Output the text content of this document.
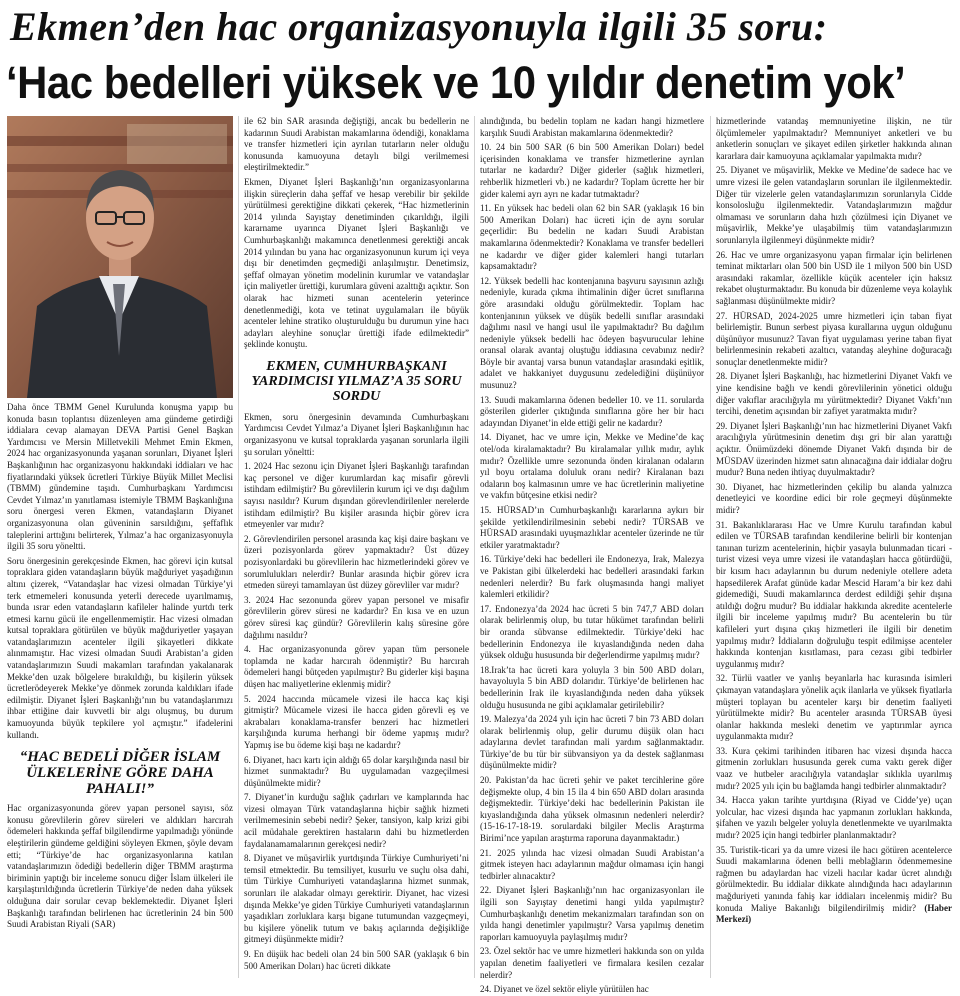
Ekmen’den hac organizasyonuyla ilgili 35 soru:
‘Hac bedelleri yüksek ve 10 yıldır denetim yok’

Daha önce TBMM Genel Kurulunda konuşma yapıp bu konuda basın toplantısı düzenleyen ama gündeme getirdiği iddialara cevap alamayan DEVA Partisi Genel Başkan Yardımcısı ve Mersin Milletvekili Mehmet Emin Ekmen, 2024 hac organizasyonunda yaşanan sorunları, Diyanet İşleri Başkanlığının hac organizasyonu hakkındaki iddiaları ve hac fiyatlarındaki yüksek ücretleri Türkiye Büyük Millet Meclisi (TBMM) gündemine taşıdı. Cumhurbaşkanı Yardımcısı Cevdet Yılmaz’ın yanıtlaması istemiyle TBMM Başkanlığına soru önergesi veren Ekmen, vatandaşların Diyanet organizasyonuna olan güveninin sarsıldığını, şeffaflık taleplerini arttığını belirterek, Yılmaz’a hac organizasyonuyla ilgili 35 soru yöneltti.

Soru önergesinin gerekçesinde Ekmen, hac görevi için kutsal topraklara giden vatandaşların büyük mağduriyet yaşadığının altını çizerek, “Vatandaşlar hac vizesi olmadan Türkiye’yi terk etmemeleri konusunda yeterli derecede uyarılmamış, bunda ısrar eden vatandaşların kafileler halinde yurtdı terk etmesi karnu gücü ile engellenmemiştir. Hac vizesi olmadan kutsal topraklara götürülen ve büyük mağduriyetler yaşayan vatandaşlarımızın acenteler ilgili şikayetleri dikkate alınmamıştır. Hac vizesi olmadan Suudi Arabistan’a giden vatandaşlarımızın Suudi makamları tarafından yakalanarak Mekke’den uzak bölgelere bırakıldığı, bu kişilerin yüksek ücretlerödeyerek Mekke’ye dönmek zorunda kaldıkları ifade edilmiştir. Diyanet İşleri Başkanlığı’nın bu vatandaşlarımızı ihbar ettiğine dair kuvvetli bir algı oluşmuş, bu durum kamuoyunda büyük tepkilere yol açmıştır.” ifadelerini kullandı.

“HAC BEDELİ DİĞER İSLAM ÜLKELERİNE GÖRE DAHA PAHALI!”

Hac organizasyonunda görev yapan personel sayısı, söz konusu görevlilerin görev süreleri ve aldıkları harcırah ödemeleri hakkında şeffaf bilgilendirme yapılmadığı yönünde eleştirilerin gündeme geldiğini söyleyen Ekmen, şöyle devam etti; “Türkiye’de hac organizasyonlarına katılan vatandaşlarımızın ödediği bedellerin diğer TBMM araştırma biriminin yaptığı bir inceleme sonucu diğer İslam ülkeleri ile karşılaştırıldığında ücretlerin Türkiye’de neden daha yüksek olduğuna dair sorular cevap beklemektedir. Diyanet İşleri Başkanlığı tarafından belirlenen hac ücretlerinin 24 bin 500 Suudi Arabistan Riyali (SAR)

ile 62 bin SAR arasında değiştiği, ancak bu bedellerin ne kadarının Suudi Arabistan makamlarına ödendiği, konaklama ve transfer hizmetleri için ayrılan tutarların neler olduğu konusunda kamuoyuna detaylı bilgi verilmemesi eleştirilmektedir.”

Ekmen, Diyanet İşleri Başkanlığı’nın organizasyonlarına ilişkin süreçlerin daha şeffaf ve hesap verebilir bir şekilde yürütülmesi gerektiğine dikkati çekerek, “Hac hizmetlerinin 2014 yılında Sayıştay denetiminden çıkarıldığı, ilgili kararname uyarınca Diyanet İşleri Başkanlığı ve Cumhurbaşkanlığı makamınca denetlenmesi gerektiği ancak 2014 yılından bu yana hac organizasyonunun kurum içi veya dışı bir denetimden geçmediği anlaşılmıştır. Denetimsiz, şeffaf olmayan yönetim modelinin kurumlar ve vatandaşlar için maliyetler ürettiği, kurumlara güveni azalttığı açıktır. Son olarak hac hizmeti sunan acentelerin yeterince denetlenmediği, kota ve tetinat uygulamaları ile büyük acenteler lehine stratiko oluşturulduğu bu durumun yine hacı adayları aleyhine sonuçlar ürettiği ifade edilmektedir” şeklinde konuştu.

EKMEN, CUMHURBAŞKANI YARDIMCISI YILMAZ’A 35 SORU SORDU

Ekmen, soru önergesinin devamında Cumhurbaşkanı Yardımcısı Cevdet Yılmaz’a Diyanet İşleri Başkanlığının hac organizasyonu ve kutsal topraklarda yaşanan sorunlarla ilgili şu soruları yöneltti:

1. 2024 Hac sezonu için Diyanet İşleri Başkanlığı tarafından kaç personel ve diğer kurumlardan kaç misafir görevli istihdam edilmiştir? Bu görevlilerin kurum içi ve dışı dağılım sayısı nasıldır? Kurum dışından görevlendirilenler nerelerde istihdam edilmiştir? Bu kişiler arasında hiçbir görev icra etmeyenler var mıdır?

2. Görevlendirilen personel arasında kaç kişi daire başkanı ve üzeri pozisyonlarda görev yapmaktadır? Üst düzey pozisyonlardaki bu görevlilerin hac hizmetlerindeki görev ve sorumlulukları nelerdir? Bunlar arasında hiçbir görev icra etmeden süreyi tamamlayan üst düzey görevliler var mıdır?

3. 2024 Hac sezonunda görev yapan personel ve misafir görevlilerin görev süresi ne kadardır? En kısa ve en uzun görev süresi kaç gündür? Görevlilerin kalış süresine göre dağılımı nasıldır?

4. Hac organizasyonunda görev yapan tüm personele toplamda ne kadar harcırah ödenmiştir? Bu harcırah ödemeleri hangi bütçeden yapılmıştır? Bu giderler kişi başına düşen hac maliyetlerine eklenmiş midir?

5. 2024 haccında mücamele vizesi ile hacca kaç kişi gitmiştir? Mücamele vizesi ile hacca giden görevli eş ve akrabaları konaklama-transfer benzeri hac hizmetleri karşılığında kuruma herhangi bir ödeme yapmış mıdır? Yapmış ise bu ödeme kişi başı ne kadardır?

6. Diyanet, hacı kartı için aldığı 65 dolar karşılığında nasıl bir hizmet sunmaktadır? Bu uygulamadan vazgeçilmesi düşünülmekte midir?

7. Diyanet’in kurduğu sağlık çadırları ve kamplarında hac vizesi olmayan Türk vatandaşlarına hiçbir sağlık hizmeti verilmemesinin sebebi nedir? Şeker, tansiyon, kalp krizi gibi acil müdahale gerektiren hastaların dahi bu hizmetlerden faydalanamamalarının gerekçesi nedir?

8. Diyanet ve müşavirlik yurtdışında Türkiye Cumhuriyeti’ni temsil etmektedir. Bu temsiliyet, kusurlu ve suçlu olsa dahi, tüm Türkiye Cumhuriyeti vatandaşlarına hizmet sunmak, sorunları ile alakadar olmayı gerektirir. Diyanet, hac vizesi dışında Mekke’ye giden Türkiye Cumhuriyeti vatandaşlarının yaşadıkları zorluklara karşı bigane tutumundan vazgeçmeyi, bu kişilere yönelik tutum ve bakış açılarında değişikliğe gitmeyi düşünmekte midir?

9. En düşük hac bedeli olan 24 bin 500 SAR (yaklaşık 6 bin 500 Amerikan Doları) hac ücreti dikkate

alındığında, bu bedelin toplam ne kadarı hangi hizmetlere karşılık Suudi Arabistan makamlarına ödenmektedir?

10. 24 bin 500 SAR (6 bin 500 Amerikan Doları) bedel içerisinden konaklama ve transfer hizmetlerine ayrılan tutarlar ne kadardır? Diğer giderler (sağlık hizmetleri, rehberlik hizmetleri vb.) ne kadardır? Toplam ücrette her bir gider kalemi ayrı ayrı ne kadar tutmaktadır?

11. En yüksek hac bedeli olan 62 bin SAR (yaklaşık 16 bin 500 Amerikan Doları) hac ücreti için de aynı sorular geçerlidir: Bu bedelin ne kadarı Suudi Arabistan makamlarına ödenmektedir? Konaklama ve transfer bedelleri ne kadardır ve diğer gider kalemleri hangi tutarları kapsamaktadır?

12. Yüksek bedelli hac kontenjanına başvuru sayısının azlığı nedeniyle, kurada çıkma ihtimalinin diğer ücret sınıflarına göre arasındaki olduğu görülmektedir. Toplam hac kontenjanının yüksek ve düşük bedelli sınıflar arasındaki dağılımı nasıl ve hangi usul ile yapılmaktadır? Bu dağılım nedeniyle yüksek bedelli hac ödeyen başvurucular lehine oransal olarak avantaj oluştuğu iddiasına cevabınız nedir? Böyle bir avantaj varsa bunun vatandaşlar arasındaki eşitlik, adalet ve hakkaniyet duygusunu zedelediğini düşünüyor musunuz?

13. Suudi makamlarına ödenen bedeller 10. ve 11. sorularda gösterilen giderler çıktığında sınıflarına göre her bir hacı adayından Diyanet’in elde ettiği gelir ne kadardır?

14. Diyanet, hac ve umre için, Mekke ve Medine’de kaç otel/oda kiralamaktadır? Bu kiralamalar yıllık mıdır, aylık mıdır? Özellikle umre sezonunda önden kiralanan odaların yıl boyu ortalama doluluk oranı nedir? Kiralanan bazı odaların boş kalmasının umre ve hac ücretlerinin maliyetine ve vakfın bütçesine etkisi nedir?

15. HÜRSAD’ın Cumhurbaşkanlığı kararlarına aykırı bir şekilde yetkilendirilmesinin sebebi nedir? TÜRSAB ve HÜRSAD arasındaki uyuşmazlıklar acenteler üzerinde ne tür etkiler yaratmaktadır?

16. Türkiye’deki hac bedelleri ile Endonezya, Irak, Malezya ve Pakistan gibi ülkelerdeki hac bedelleri arasındaki farkın nedenleri nelerdir? Bu fark oluşmasında hangi maliyet kalemleri etkilidir?

17. Endonezya’da 2024 hac ücreti 5 bin 747,7 ABD doları olarak belirlenmiş olup, bu tutar hükümet tarafından belirli bir oranda sübvanse edilmektedir. Türkiye’deki hac bedellerinin Endonezya ile kıyaslandığında neden daha yüksek olduğu hususunda bir değerlendirme yapılmış mıdır?

18.Irak’ta hac ücreti kara yoluyla 3 bin 500 ABD doları, havayoluyla 5 bin ABD dolarıdır. Türkiye’de belirlenen hac bedellerinin Irak ile kıyaslandığında neden daha yüksek olduğu hususunda ne gibi açıklamalar getirilebilir?

19. Malezya’da 2024 yılı için hac ücreti 7 bin 73 ABD doları olarak belirlenmiş olup, gelir durumu düşük olan hacı adaylarına devlet tarafından mali yardım sağlanmaktadır. Türkiye’de bu tür bir sübvansiyon ya da destek sağlanması düşünülmekte midir?

20. Pakistan’da hac ücreti şehir ve paket tercihlerine göre değişmekte olup, 4 bin 15 ila 4 bin 650 ABD doları arasında değişmektedir. Türkiye’deki hac bedellerinin Pakistan ile kıyaslandığında daha yüksek olmasının nedenleri nelerdir?(15-16-17-18-19. sorulardaki bilgiler Meclis Araştırma Birimi’nce yapılan araştırma raporuna dayanmaktadır.)

21. 2025 yılında hac vizesi olmadan Suudi Arabistan’a gitmek isteyen hacı adaylarının mağdur olmaması için hangi tedbirler alınacaktır?

22. Diyanet İşleri Başkanlığı’nın hac organizasyonları ile ilgili son Sayıştay denetimi hangi yılda yapılmıştır? Cumhurbaşkanlığı denetim mekanizmaları tarafından son on yılda hangi denetimler yapılmıştır? Varsa yapılmış denetim raporları kamuoyuyla paylaşılmış mıdır?

23. Özel sektör hac ve umre hizmetleri hakkında son on yılda yapılan denetim faaliyetleri ve firmalara kesilen cezalar nelerdir?

24. Diyanet ve özel sektör eliyle yürütülen hac

hizmetlerinde vatandaş memnuniyetine ilişkin, ne tür ölçümlemeler yapılmaktadır? Memnuniyet anketleri ve bu anketlerin sonuçları ve şikayet edilen şirketler hakkında alınan kararlara dair kamuoyuna açıklamalar yapılmakta mıdır?

25. Diyanet ve müşavirlik, Mekke ve Medine’de sadece hac ve umre vizesi ile gelen vatandaşların sorunları ile ilgilenmektedir. Diğer tür vizelerle gelen vatandaşlarımızın sorunlarıyla Cidde konsolosluğu ilgilenmektedir. Vatandaşlarımızın mağdur olmaması ve sorunların daha hızlı çözülmesi için Diyanet ve müşavirlik, Mekke’ye ulaşabilmiş tüm vatandaşlarımızın sorunlarıyla ilgilenmeyi düşünmekte midir?

26. Hac ve umre organizasyonu yapan firmalar için belirlenen teminat miktarları olan 500 bin USD ile 1 milyon 500 bin USD arasındaki rakamlar, özellikle küçük acenteler için haksız rekabet oluşturmaktadır. Bu konuda bir düzenleme veya kolaylık sağlanması düşünülmekte midir?

27. HÜRSAD, 2024-2025 umre hizmetleri için taban fiyat belirlemiştir. Bunun serbest piyasa kurallarına uygun olduğunu düşünüyor musunuz? Tavan fiyat uygulaması yerine taban fiyat belirlenmesinin rekabeti azaltıcı, vatandaş aleyhine doğuracağı sonuçlar denetlenmekte midir?

28. Diyanet İşleri Başkanlığı, hac hizmetlerini Diyanet Vakfı ve yine kendisine bağlı ve kendi görevlilerinin yönetici olduğu diğer vakıflar aracılığıyla mı yürütmektedir? Diyanet Vakfı’nın tercihi, denetim açısından bir zafiyet yaratmakta mıdır?

29. Diyanet İşleri Başkanlığı’nın hac hizmetlerini Diyanet Vakfı aracılığıyla yürütmesinin denetim dışı gri bir alan yarattığı açıktır. Önümüzdeki dönemde Diyanet Vakfı dışında bir de MÜSDAV üzerinden hizmet satın alınacağına dair iddialar doğru mudur? Buna neden ihtiyaç duyulmaktadır?

30. Diyanet, hac hizmetlerinden çekilip bu alanda yalnızca denetleyici ve koordine edici bir role geçmeyi düşünmekte midir?

31. Bakanlıklararası Hac ve Umre Kurulu tarafından kabul edilen ve TÜRSAB tarafından kendilerine belirli bir kontenjan tanınan turizm acentelerinin, hiçbir yasayla bulunmadan ticari - turist vizesi veya umre vizesi ile vatandaşları hacca götürdüğü, bir kısım hacı adaylarının bu durum nedeniyle otellere adeta hapsedilerek Arafat günüde kadar Mescid Haram’a bir kez dahi gidemediği, Suudi makamlarınca derdest edildiği şehir dışına atıldığı doğru mudur? Bu iddialar hakkında akredite acentelerle ilgili bir inceleme yapılmış mıdır? Bu acentelerin bu tür kafileleri yurt dışına çıkış hizmetleri ile ilgili bir denetim yapılmış mıdır? İddiaların doğruluğu tespit edilmişse acenteler hakkında kontenjan kısıtlaması, para cezası gibi tedbirler uygulanmış mıdır?

32. Türlü vaatler ve yanlış beyanlarla hac kurasında isimleri çıkmayan vatandaşlara yönelik açık ilanlarla ve yüksek fiyatlarla müşteri toplayan bu acenteler karşı bir denetim faaliyeti yürütülmekte midir? Bu acenteler arasında TÜRSAB üyesi olanlar hakkında mesleki denetim ve yaptırımlar ayrıca uygulanmakta mıdır?

33. Kura çekimi tarihinden itibaren hac vizesi dışında hacca gitmenin zorlukları hususunda gerek cuma vaktı gerek diğer vaaz ve hutbeler aracılığıyla vatandaşlar sıklıkla uyarılmış mıdır? 2025 yılı için bu bağlamda hangi tedbirler alınmaktadır?

34. Hacca yakın tarihte yurtdışına (Riyad ve Cidde’ye) uçan yolcular, hac vizesi dışında hac yapmanın zorlukları hakkında, şifahen ve yazılı belgeler yoluyla denetlenmekte ve uyarılmakta mıdır? 2025 için hangi tedbirler planlanmaktadır?

35. Turistik-ticari ya da umre vizesi ile hacı götüren acentelerce Suudi makamlarına ödenen belli meblağların ödenmemesine rağmen bu adaylardan hac vizeli hacılar kadar ücret alındığı görülmektedir. Bu iddialar dikkate alındığında hacı adaylarının mağduriyeti yanında fahiş kar iddiaları incelenmiş midir? Bu konuda Maliye Bakanlığı bilgilendirilmiş midir? (Haber Merkezi)
